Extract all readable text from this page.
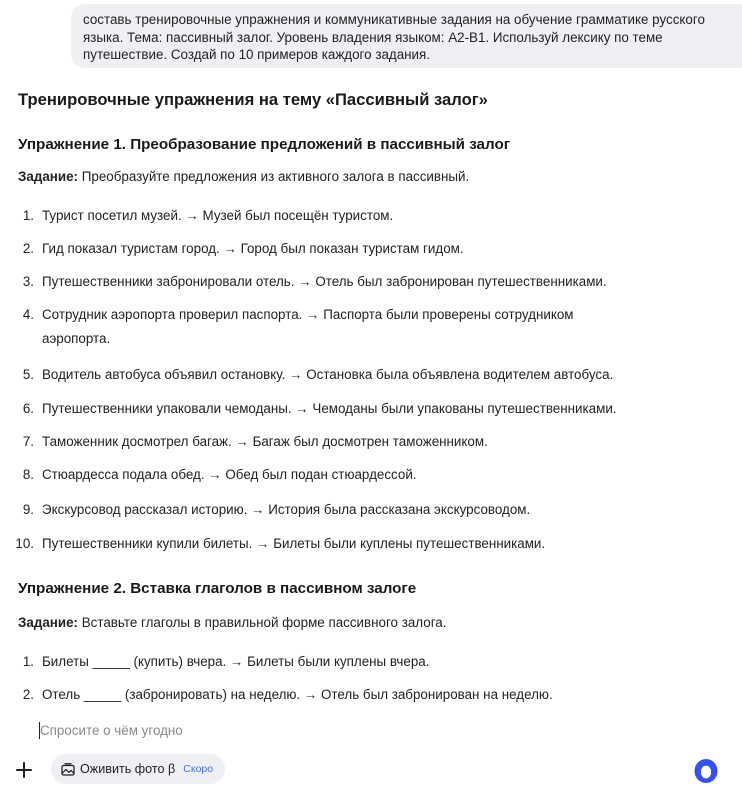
составь тренировочные упражнения и коммуникативные задания на обучение грамматике русского языка. Тема: пассивный залог. Уровень владения языком: А2-В1. Используй лексику по теме путешествие. Создай по 10 примеров каждого задания.
Тренировочные упражнения на тему «Пассивный залог»
Упражнение 1. Преобразование предложений в пассивный залог
Задание: Преобразуйте предложения из активного залога в пассивный.
1. Турист посетил музей. → Музей был посещён туристом.
2. Гид показал туристам город. → Город был показан туристам гидом.
3. Путешественники забронировали отель. → Отель был забронирован путешественниками.
4. Сотрудник аэропорта проверил паспорта. → Паспорта были проверены сотрудником аэропорта.
5. Водитель автобуса объявил остановку. → Остановка была объявлена водителем автобуса.
6. Путешественники упаковали чемоданы. → Чемоданы были упакованы путешественниками.
7. Таможенник досмотрел багаж. → Багаж был досмотрен таможенником.
8. Стюардесса подала обед. → Обед был подан стюардессой.
9. Экскурсовод рассказал историю. → История была рассказана экскурсоводом.
10. Путешественники купили билеты. → Билеты были куплены путешественниками.
Упражнение 2. Вставка глаголов в пассивном залоге
Задание: Вставьте глаголы в правильной форме пассивного залога.
1. Билеты _____ (купить) вчера. → Билеты были куплены вчера.
2. Отель _____ (забронировать) на неделю. → Отель был забронирован на неделю.
Спросите о чём угодно
Оживить фото β Скоро
